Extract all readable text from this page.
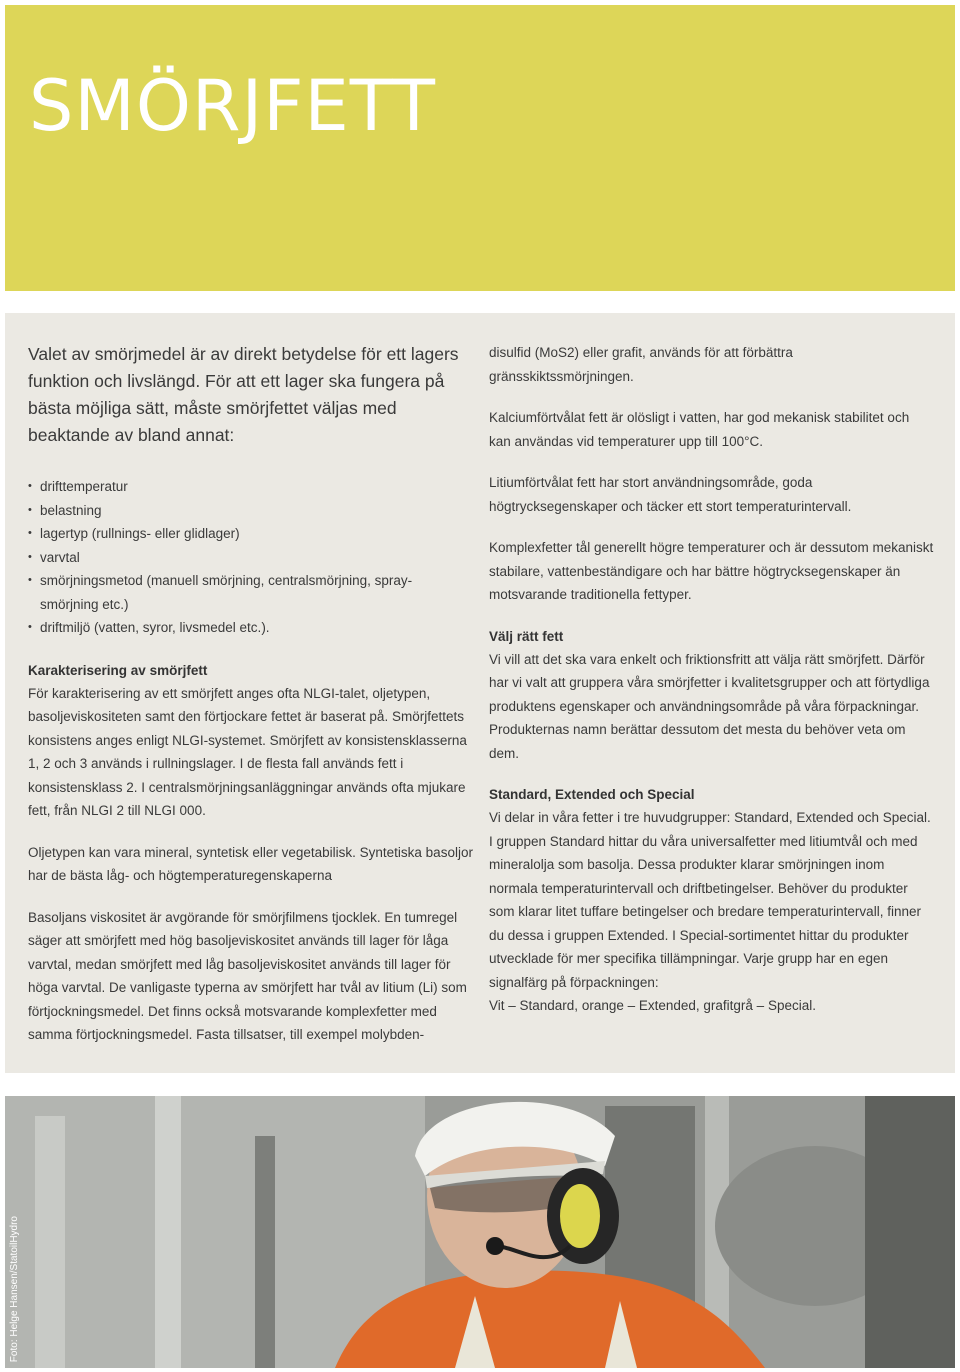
SMÖRJFETT

Valet av smörjmedel är av direkt betydelse för ett lagers funktion och livslängd. För att ett lager ska fungera på bästa möjliga sätt, måste smörjfettet väljas med beaktande av bland annat:

• drifttemperatur
• belastning
• lagertyp (rullnings- eller glidlager)
• varvtal
• smörjningsmetod (manuell smörjning, centralsmörjning, spray-
smörjning etc.)
• driftmiljö (vatten, syror, livsmedel etc.).
Karakterisering av smörjfett

För karakterisering av ett smörjfett anges ofta NLGI-talet, oljetypen, basoljeviskositeten samt den förtjockare fettet är baserat på. Smörjfettets konsistens anges enligt NLGI-systemet. Smörjfett av konsistensklasserna 1, 2 och 3 används i rullningslager. I de flesta fall används fett i konsistensklass 2. I centralsmörjningsanläggningar används ofta mjukare fett, från NLGI 2 till NLGI 000.

Oljetypen kan vara mineral, syntetisk eller vegetabilisk. Syntetiska basoljor har de bästa låg- och högtemperaturegenskaperna

Basoljans viskositet är avgörande för smörjfilmens tjocklek. En tumregel säger att smörjfett med hög basoljeviskositet används till lager för låga varvtal, medan smörjfett med låg basoljeviskositet används till lager för höga varvtal. De vanligaste typerna av smörjfett har tvål av litium (Li) som förtjockningsmedel. Det finns också motsvarande komplexfetter med samma förtjockningsmedel. Fasta tillsatser, till exempel molybden-

disulfid (MoS2) eller grafit, används för att förbättra gränsskiktssmörjningen.

Kalciumförtvålat fett är olösligt i vatten, har god mekanisk stabilitet och kan användas vid temperaturer upp till 100°C.

Litiumförtvålat fett har stort användningsområde, goda högtrycksegenskaper och täcker ett stort temperaturintervall.

Komplexfetter tål generellt högre temperaturer och är dessutom mekaniskt stabilare, vattenbeständigare och har bättre högtrycksegenskaper än motsvarande traditionella fettyper.

Välj rätt fett

Vi vill att det ska vara enkelt och friktionsfritt att välja rätt smörjfett. Därför har vi valt att gruppera våra smörjfetter i kvalitetsgrupper och att förtydliga produktens egenskaper och användningsområde på våra förpackningar. Produkternas namn berättar dessutom det mesta du behöver veta om dem.

Standard, Extended och Special

Vi delar in våra fetter i tre huvudgrupper: Standard, Extended och Special. I gruppen Standard hittar du våra universalfetter med litiumtvål och med mineralolja som basolja. Dessa produkter klarar smörjningen inom normala temperaturintervall och driftbetingelser. Behöver du produkter som klarar litet tuffare betingelser och bredare temperaturintervall, finner du dessa i gruppen Extended. I Special-sortimentet hittar du produkter utvecklade för mer specifika tillämpningar. Varje grupp har en egen signalfärg på förpackningen:

Vit – Standard, orange – Extended, grafitgrå – Special.

Foto: Helge Hansen/StatoilHydro
